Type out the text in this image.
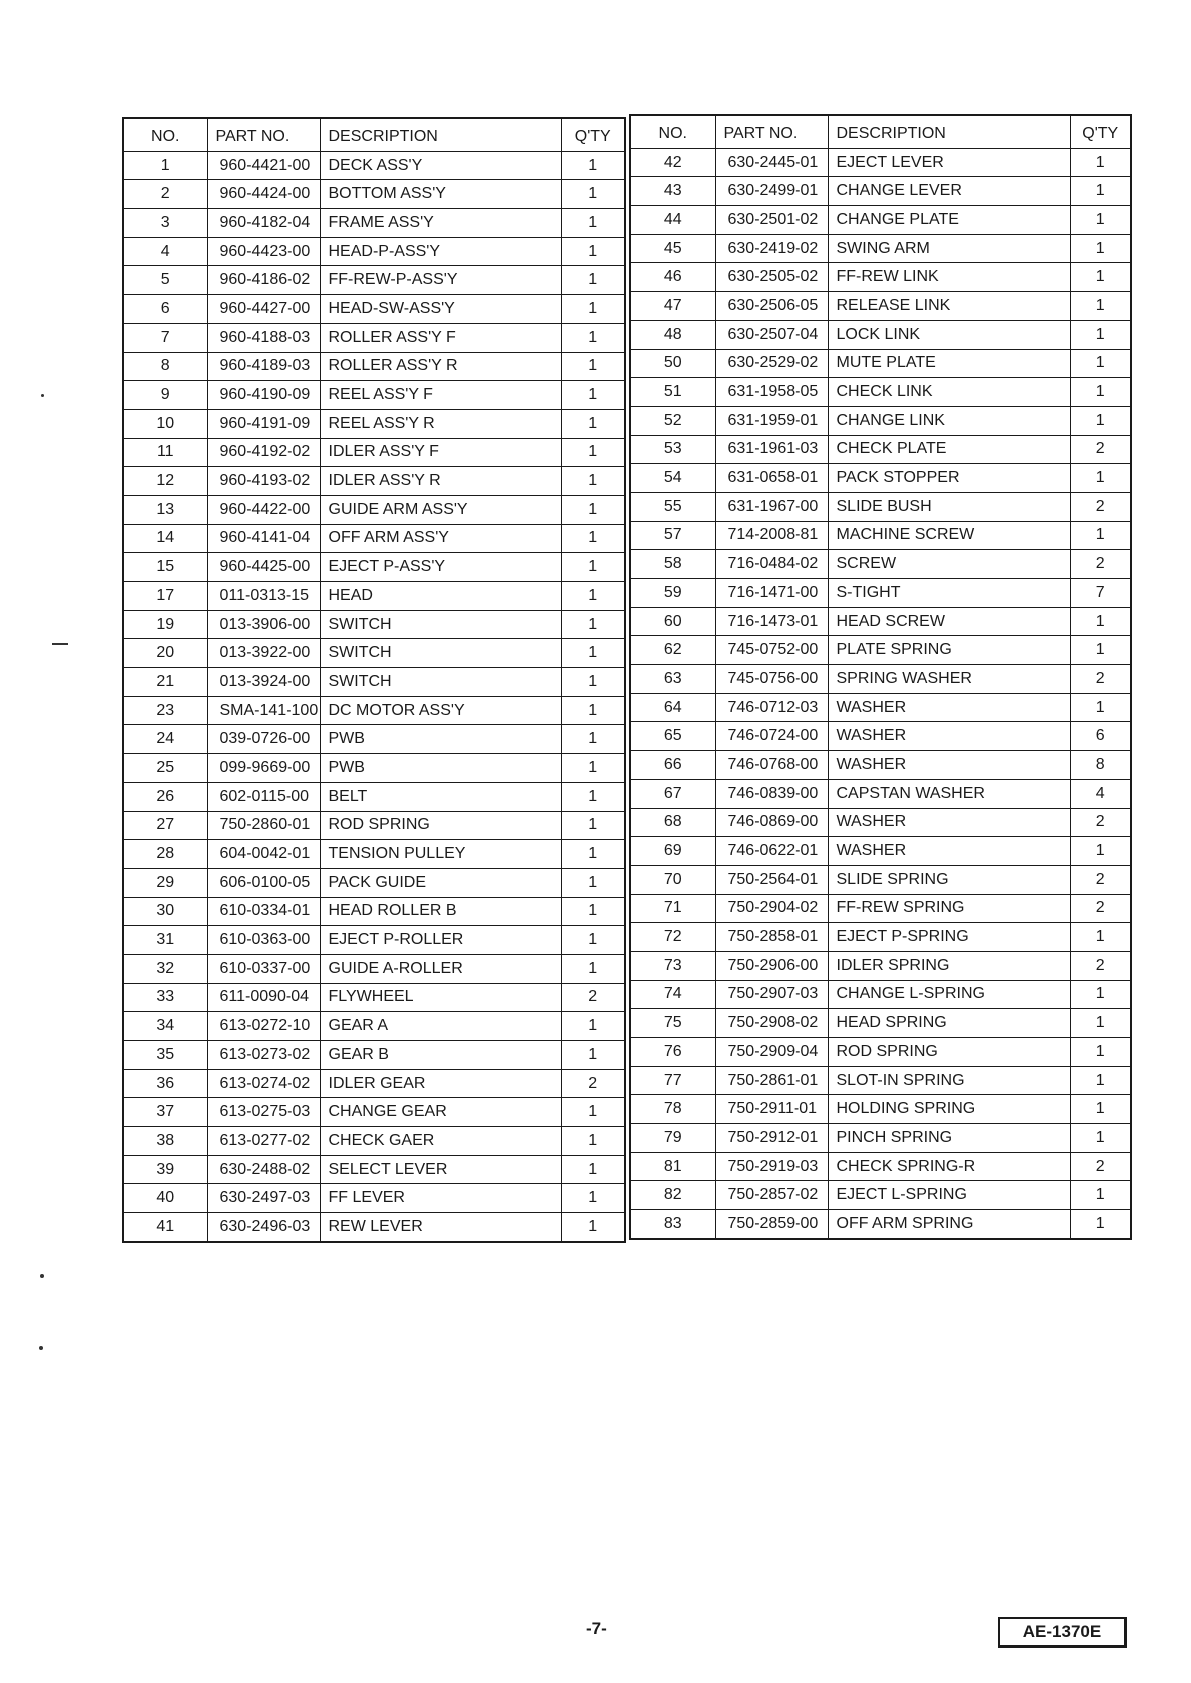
NO.	PART NO.	DESCRIPTION	Q'TY
1	960-4421-00	DECK ASS'Y	1
2	960-4424-00	BOTTOM ASS'Y	1
3	960-4182-04	FRAME ASS'Y	1
4	960-4423-00	HEAD-P-ASS'Y	1
5	960-4186-02	FF-REW-P-ASS'Y	1
6	960-4427-00	HEAD-SW-ASS'Y	1
7	960-4188-03	ROLLER ASS'Y F	1
8	960-4189-03	ROLLER ASS'Y R	1
9	960-4190-09	REEL ASS'Y F	1
10	960-4191-09	REEL ASS'Y R	1
11	960-4192-02	IDLER ASS'Y F	1
12	960-4193-02	IDLER ASS'Y R	1
13	960-4422-00	GUIDE ARM ASS'Y	1
14	960-4141-04	OFF ARM ASS'Y	1
15	960-4425-00	EJECT P-ASS'Y	1
17	011-0313-15	HEAD	1
19	013-3906-00	SWITCH	1
20	013-3922-00	SWITCH	1
21	013-3924-00	SWITCH	1
23	SMA-141-100	DC MOTOR ASS'Y	1
24	039-0726-00	PWB	1
25	099-9669-00	PWB	1
26	602-0115-00	BELT	1
27	750-2860-01	ROD SPRING	1
28	604-0042-01	TENSION PULLEY	1
29	606-0100-05	PACK GUIDE	1
30	610-0334-01	HEAD ROLLER B	1
31	610-0363-00	EJECT P-ROLLER	1
32	610-0337-00	GUIDE A-ROLLER	1
33	611-0090-04	FLYWHEEL	2
34	613-0272-10	GEAR A	1
35	613-0273-02	GEAR B	1
36	613-0274-02	IDLER GEAR	2
37	613-0275-03	CHANGE GEAR	1
38	613-0277-02	CHECK GAER	1
39	630-2488-02	SELECT LEVER	1
40	630-2497-03	FF LEVER	1
41	630-2496-03	REW LEVER	1
NO.	PART NO.	DESCRIPTION	Q'TY
42	630-2445-01	EJECT LEVER	1
43	630-2499-01	CHANGE LEVER	1
44	630-2501-02	CHANGE PLATE	1
45	630-2419-02	SWING ARM	1
46	630-2505-02	FF-REW LINK	1
47	630-2506-05	RELEASE LINK	1
48	630-2507-04	LOCK LINK	1
50	630-2529-02	MUTE PLATE	1
51	631-1958-05	CHECK LINK	1
52	631-1959-01	CHANGE LINK	1
53	631-1961-03	CHECK PLATE	2
54	631-0658-01	PACK STOPPER	1
55	631-1967-00	SLIDE BUSH	2
57	714-2008-81	MACHINE SCREW	1
58	716-0484-02	SCREW	2
59	716-1471-00	S-TIGHT	7
60	716-1473-01	HEAD SCREW	1
62	745-0752-00	PLATE SPRING	1
63	745-0756-00	SPRING WASHER	2
64	746-0712-03	WASHER	1
65	746-0724-00	WASHER	6
66	746-0768-00	WASHER	8
67	746-0839-00	CAPSTAN WASHER	4
68	746-0869-00	WASHER	2
69	746-0622-01	WASHER	1
70	750-2564-01	SLIDE SPRING	2
71	750-2904-02	FF-REW SPRING	2
72	750-2858-01	EJECT P-SPRING	1
73	750-2906-00	IDLER SPRING	2
74	750-2907-03	CHANGE L-SPRING	1
75	750-2908-02	HEAD SPRING	1
76	750-2909-04	ROD SPRING	1
77	750-2861-01	SLOT-IN SPRING	1
78	750-2911-01	HOLDING SPRING	1
79	750-2912-01	PINCH SPRING	1
81	750-2919-03	CHECK SPRING-R	2
82	750-2857-02	EJECT L-SPRING	1
83	750-2859-00	OFF ARM SPRING	1
-7-	AE-1370E
